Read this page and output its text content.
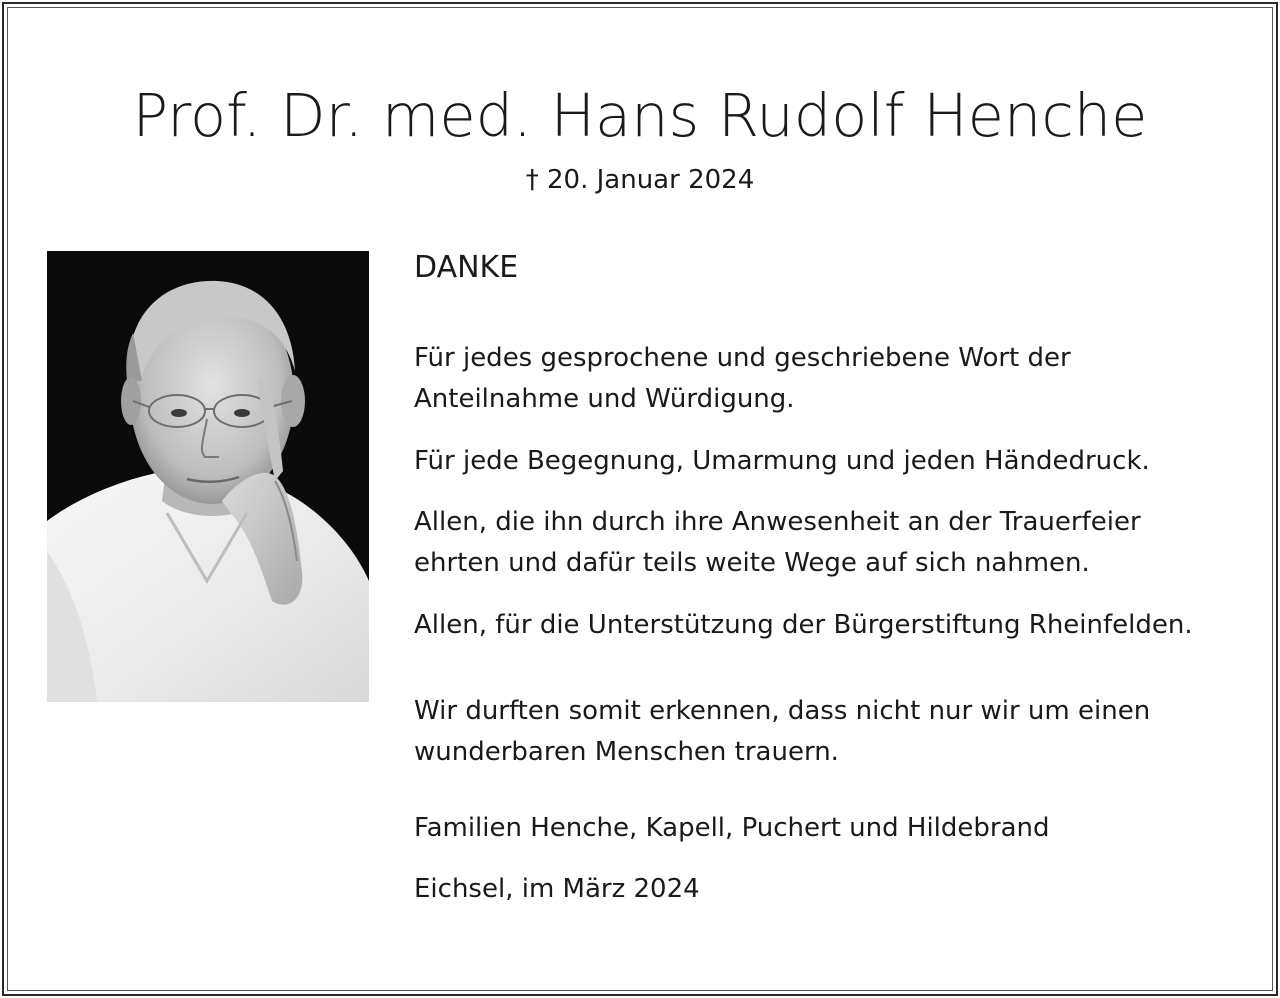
Prof. Dr. med. Hans Rudolf Henche
† 20. Januar 2024

DANKE

Für jedes gesprochene und geschriebene Wort der

Anteilnahme und Würdigung.

Für jede Begegnung, Umarmung und jeden Händedruck.

Allen, die ihn durch ihre Anwesenheit an der Trauerfeier

ehrten und dafür teils weite Wege auf sich nahmen.

Allen, für die Unterstützung der Bürgerstiftung Rheinfelden.

Wir durften somit erkennen, dass nicht nur wir um einen

wunderbaren Menschen trauern.

Familien Henche, Kapell, Puchert und Hildebrand

Eichsel, im März 2024
